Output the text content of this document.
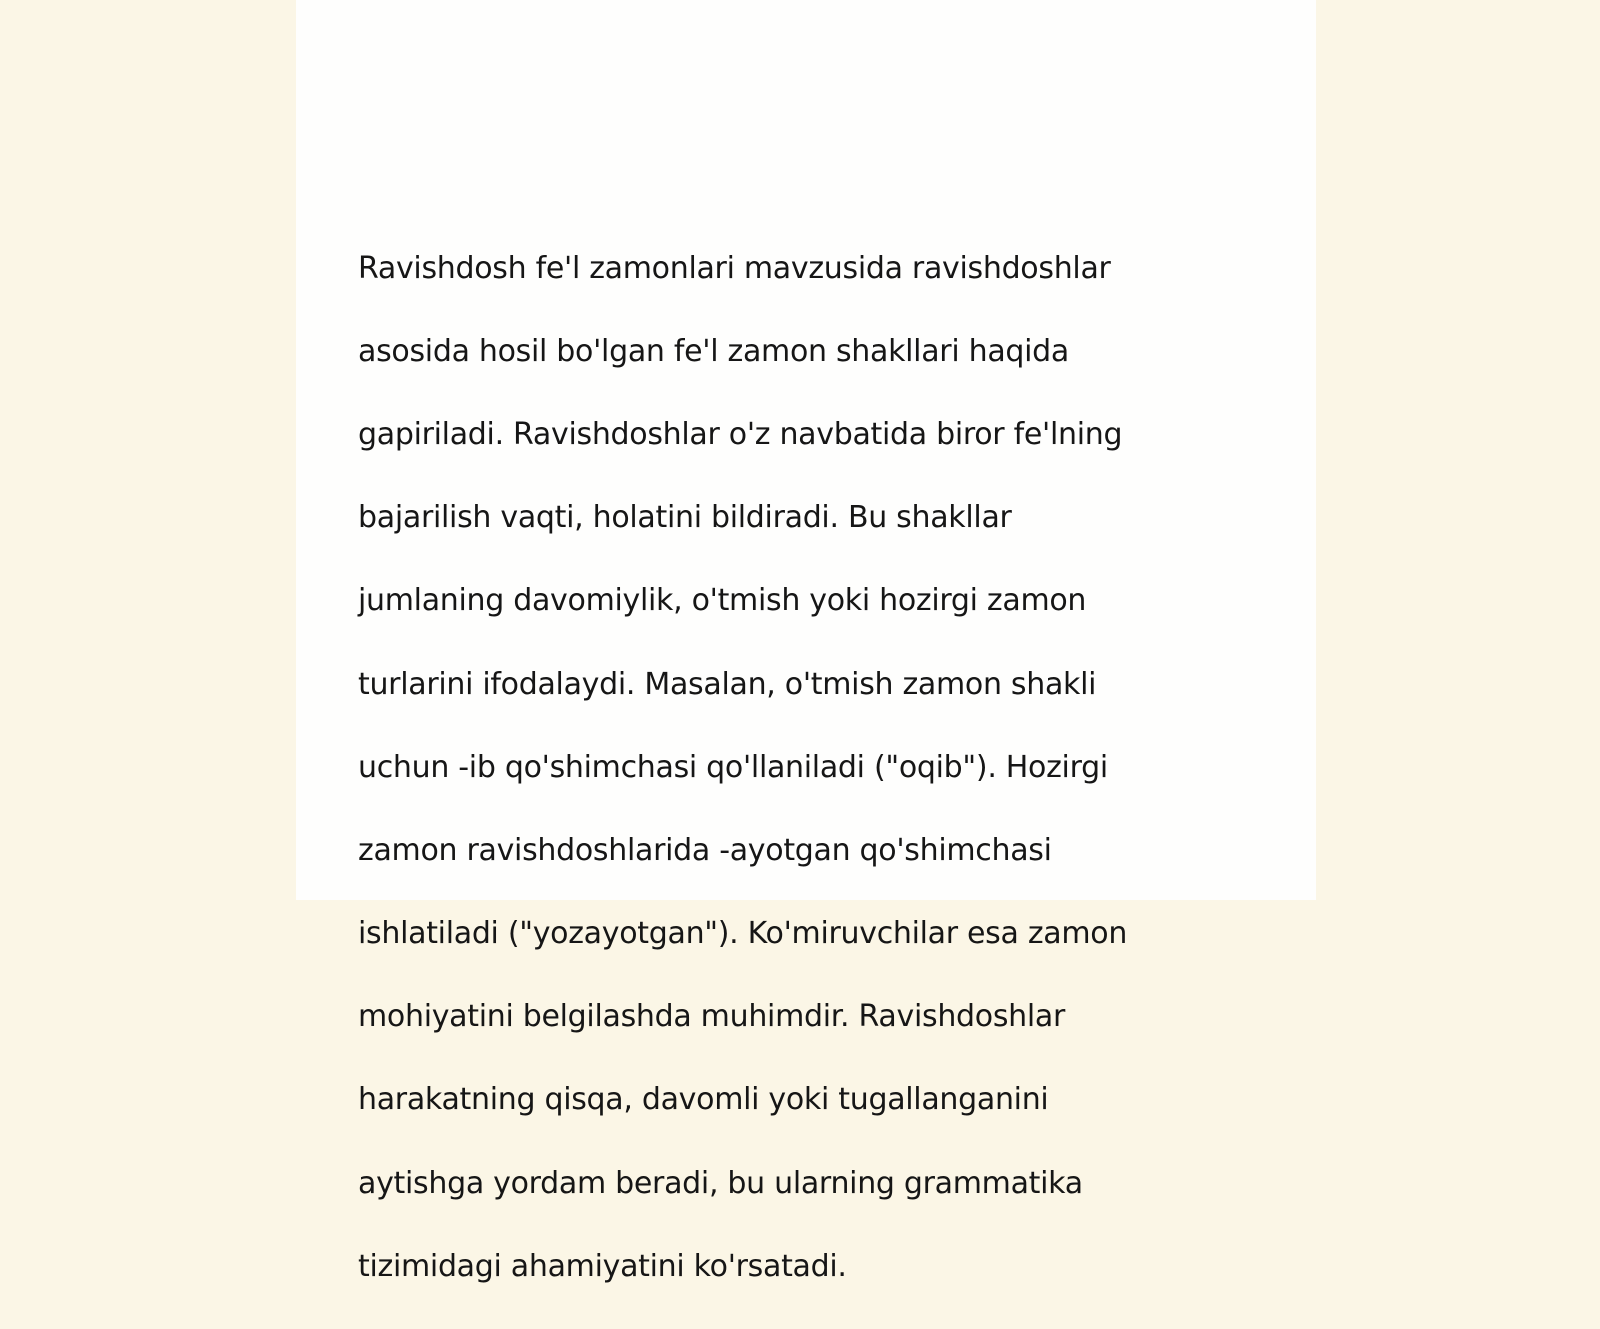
Ravishdosh fe'l zamonlari mavzusida ravishdoshlar

asosida hosil bo'lgan fe'l zamon shakllari haqida

gapiriladi. Ravishdoshlar o'z navbatida biror fe'lning

bajarilish vaqti, holatini bildiradi. Bu shakllar

jumlaning davomiylik, o'tmish yoki hozirgi zamon

turlarini ifodalaydi. Masalan, o'tmish zamon shakli

uchun -ib qo'shimchasi qo'llaniladi ("oqib"). Hozirgi

zamon ravishdoshlarida -ayotgan qo'shimchasi

ishlatiladi ("yozayotgan"). Ko'miruvchilar esa zamon

mohiyatini belgilashda muhimdir. Ravishdoshlar

harakatning qisqa, davomli yoki tugallanganini

aytishga yordam beradi, bu ularning grammatika

tizimidagi ahamiyatini ko'rsatadi.
